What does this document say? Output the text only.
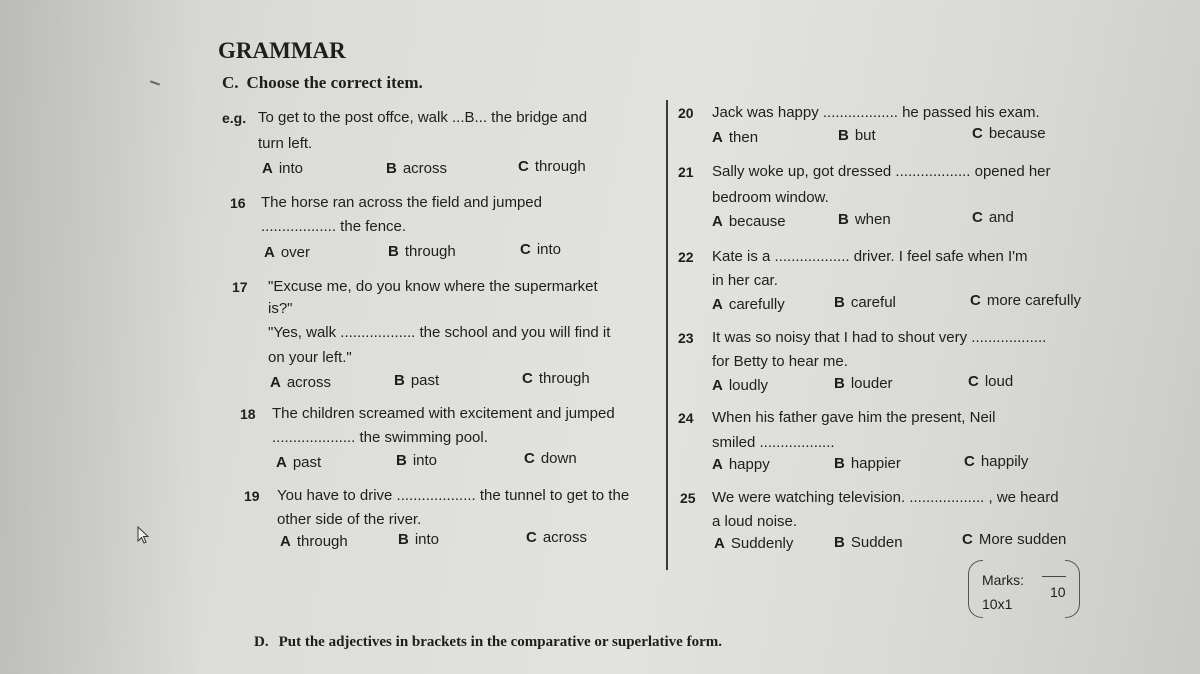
GRAMMAR
C. Choose the correct item.
e.g. To get to the post offce, walk ...B... the bridge and
turn left.
A into	B across	C through
16 The horse ran across the field and jumped
.................. the fence.
A over	B through	C into
17 "Excuse me, do you know where the supermarket
is?"
"Yes, walk .................. the school and you will find it
on your left."
A across	B past	C through
18 The children screamed with excitement and jumped
.................... the swimming pool.
A past	B into	C down
19 You have to drive ................... the tunnel to get to the
other side of the river.
A through	B into	C across
20 Jack was happy .................. he passed his exam.
A then	B but	C because
21 Sally woke up, got dressed .................. opened her
bedroom window.
A because	B when	C and
22 Kate is a .................. driver. I feel safe when I'm
in her car.
A carefully	B careful	C more carefully
23 It was so noisy that I had to shout very ..................
for Betty to hear me.
A loudly	B louder	C loud
24 When his father gave him the present, Neil
smiled ..................
A happy	B happier	C happily
25 We were watching television. .................. , we heard
a loud noise.
A Suddenly	B Sudden	C More sudden
Marks:
10x1
10
D. Put the adjectives in brackets in the comparative or superlative form.
